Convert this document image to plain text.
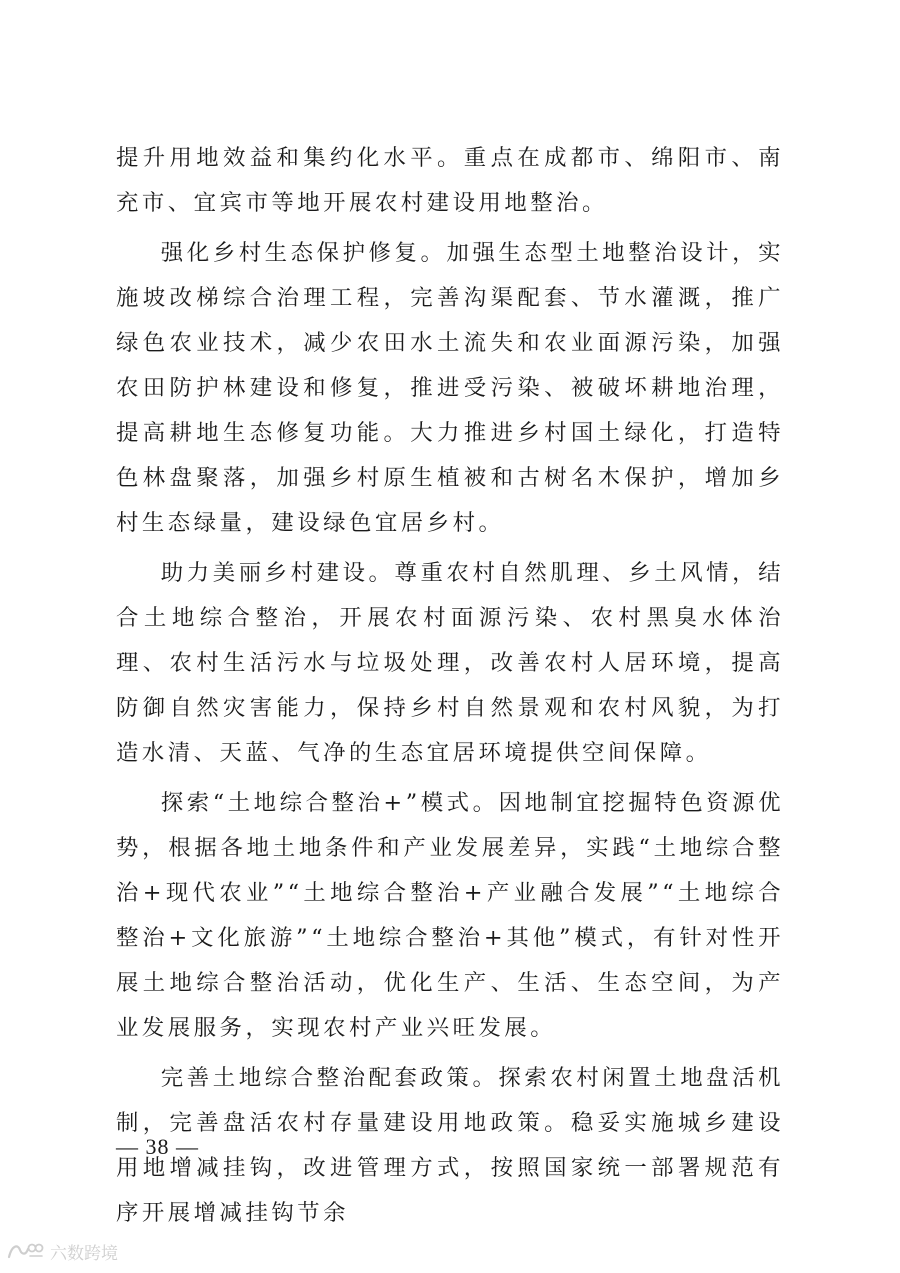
提升用地效益和集约化水平。重点在成都市、绵阳市、南充市、宜宾市等地开展农村建设用地整治。

强化乡村生态保护修复。加强生态型土地整治设计，实施坡改梯综合治理工程，完善沟渠配套、节水灌溉，推广绿色农业技术，减少农田水土流失和农业面源污染，加强农田防护林建设和修复，推进受污染、被破坏耕地治理，提高耕地生态修复功能。大力推进乡村国土绿化，打造特色林盘聚落，加强乡村原生植被和古树名木保护，增加乡村生态绿量，建设绿色宜居乡村。

助力美丽乡村建设。尊重农村自然肌理、乡土风情，结合土地综合整治，开展农村面源污染、农村黑臭水体治理、农村生活污水与垃圾处理，改善农村人居环境，提高防御自然灾害能力，保持乡村自然景观和农村风貌，为打造水清、天蓝、气净的生态宜居环境提供空间保障。

探索“土地综合整治+”模式。因地制宜挖掘特色资源优势，根据各地土地条件和产业发展差异，实践“土地综合整治+现代农业”“土地综合整治+产业融合发展”“土地综合整治+文化旅游”“土地综合整治+其他”模式，有针对性开展土地综合整治活动，优化生产、生活、生态空间，为产业发展服务，实现农村产业兴旺发展。

完善土地综合整治配套政策。探索农村闲置土地盘活机制，完善盘活农村存量建设用地政策。稳妥实施城乡建设用地增减挂钩，改进管理方式，按照国家统一部署规范有序开展增减挂钩节余

— 38 —
六数跨境
